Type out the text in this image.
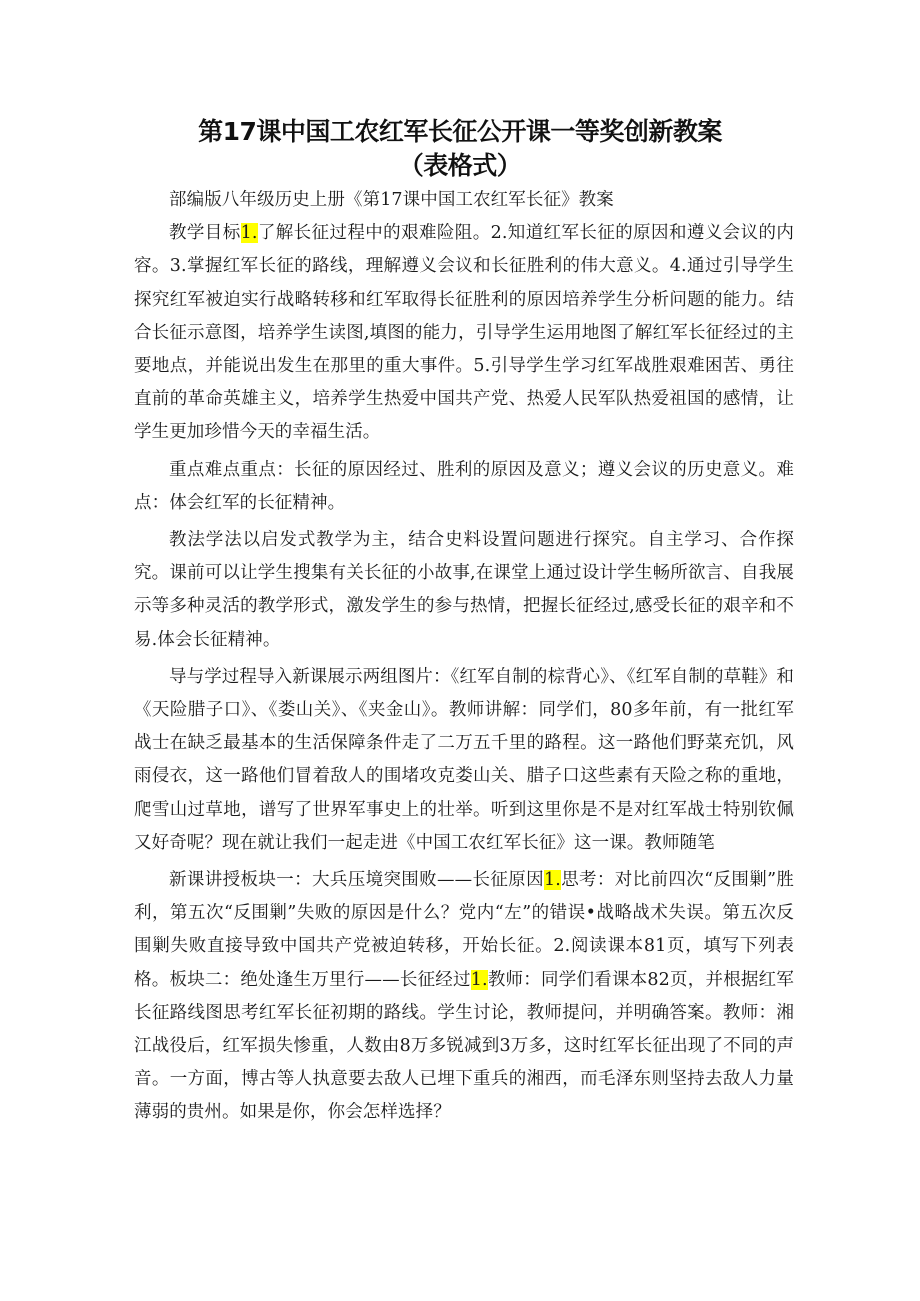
第17课中国工农红军长征公开课一等奖创新教案
（表格式）

部编版八年级历史上册《第17课中国工农红军长征》教案

教学目标1.了解长征过程中的艰难险阻。2.知道红军长征的原因和遵义会议的内容。3.掌握红军长征的路线，理解遵义会议和长征胜利的伟大意义。4.通过引导学生探究红军被迫实行战略转移和红军取得长征胜利的原因培养学生分析问题的能力。结合长征示意图，培养学生读图,填图的能力，引导学生运用地图了解红军长征经过的主要地点，并能说出发生在那里的重大事件。5.引导学生学习红军战胜艰难困苦、勇往直前的革命英雄主义，培养学生热爱中国共产党、热爱人民军队热爱祖国的感情，让学生更加珍惜今天的幸福生活。

重点难点重点：长征的原因经过、胜利的原因及意义；遵义会议的历史意义。难点：体会红军的长征精神。

教法学法以启发式教学为主，结合史料设置问题进行探究。自主学习、合作探究。课前可以让学生搜集有关长征的小故事,在课堂上通过设计学生畅所欲言、自我展示等多种灵活的教学形式，激发学生的参与热情，把握长征经过,感受长征的艰辛和不易.体会长征精神。

导与学过程导入新课展示两组图片：《红军自制的棕背心》、《红军自制的草鞋》和《天险腊子口》、《娄山关》、《夹金山》。教师讲解：同学们，80多年前，有一批红军战士在缺乏最基本的生活保障条件走了二万五千里的路程。这一路他们野菜充饥，风雨侵衣，这一路他们冒着敌人的围堵攻克娄山关、腊子口这些素有天险之称的重地，爬雪山过草地，谱写了世界军事史上的壮举。听到这里你是不是对红军战士特别钦佩又好奇呢？现在就让我们一起走进《中国工农红军长征》这一课。教师随笔

新课讲授板块一：大兵压境突围败——长征原因1.思考：对比前四次“反围剿”胜利，第五次“反围剿”失败的原因是什么？党内“左”的错误•战略战术失误。第五次反围剿失败直接导致中国共产党被迫转移，开始长征。2.阅读课本81页，填写下列表格。板块二：绝处逢生万里行——长征经过1.教师：同学们看课本82页，并根据红军长征路线图思考红军长征初期的路线。学生讨论，教师提问，并明确答案。教师：湘江战役后，红军损失惨重，人数由8万多锐减到3万多，这时红军长征出现了不同的声音。一方面，博古等人执意要去敌人已埋下重兵的湘西，而毛泽东则坚持去敌人力量薄弱的贵州。如果是你，你会怎样选择？
